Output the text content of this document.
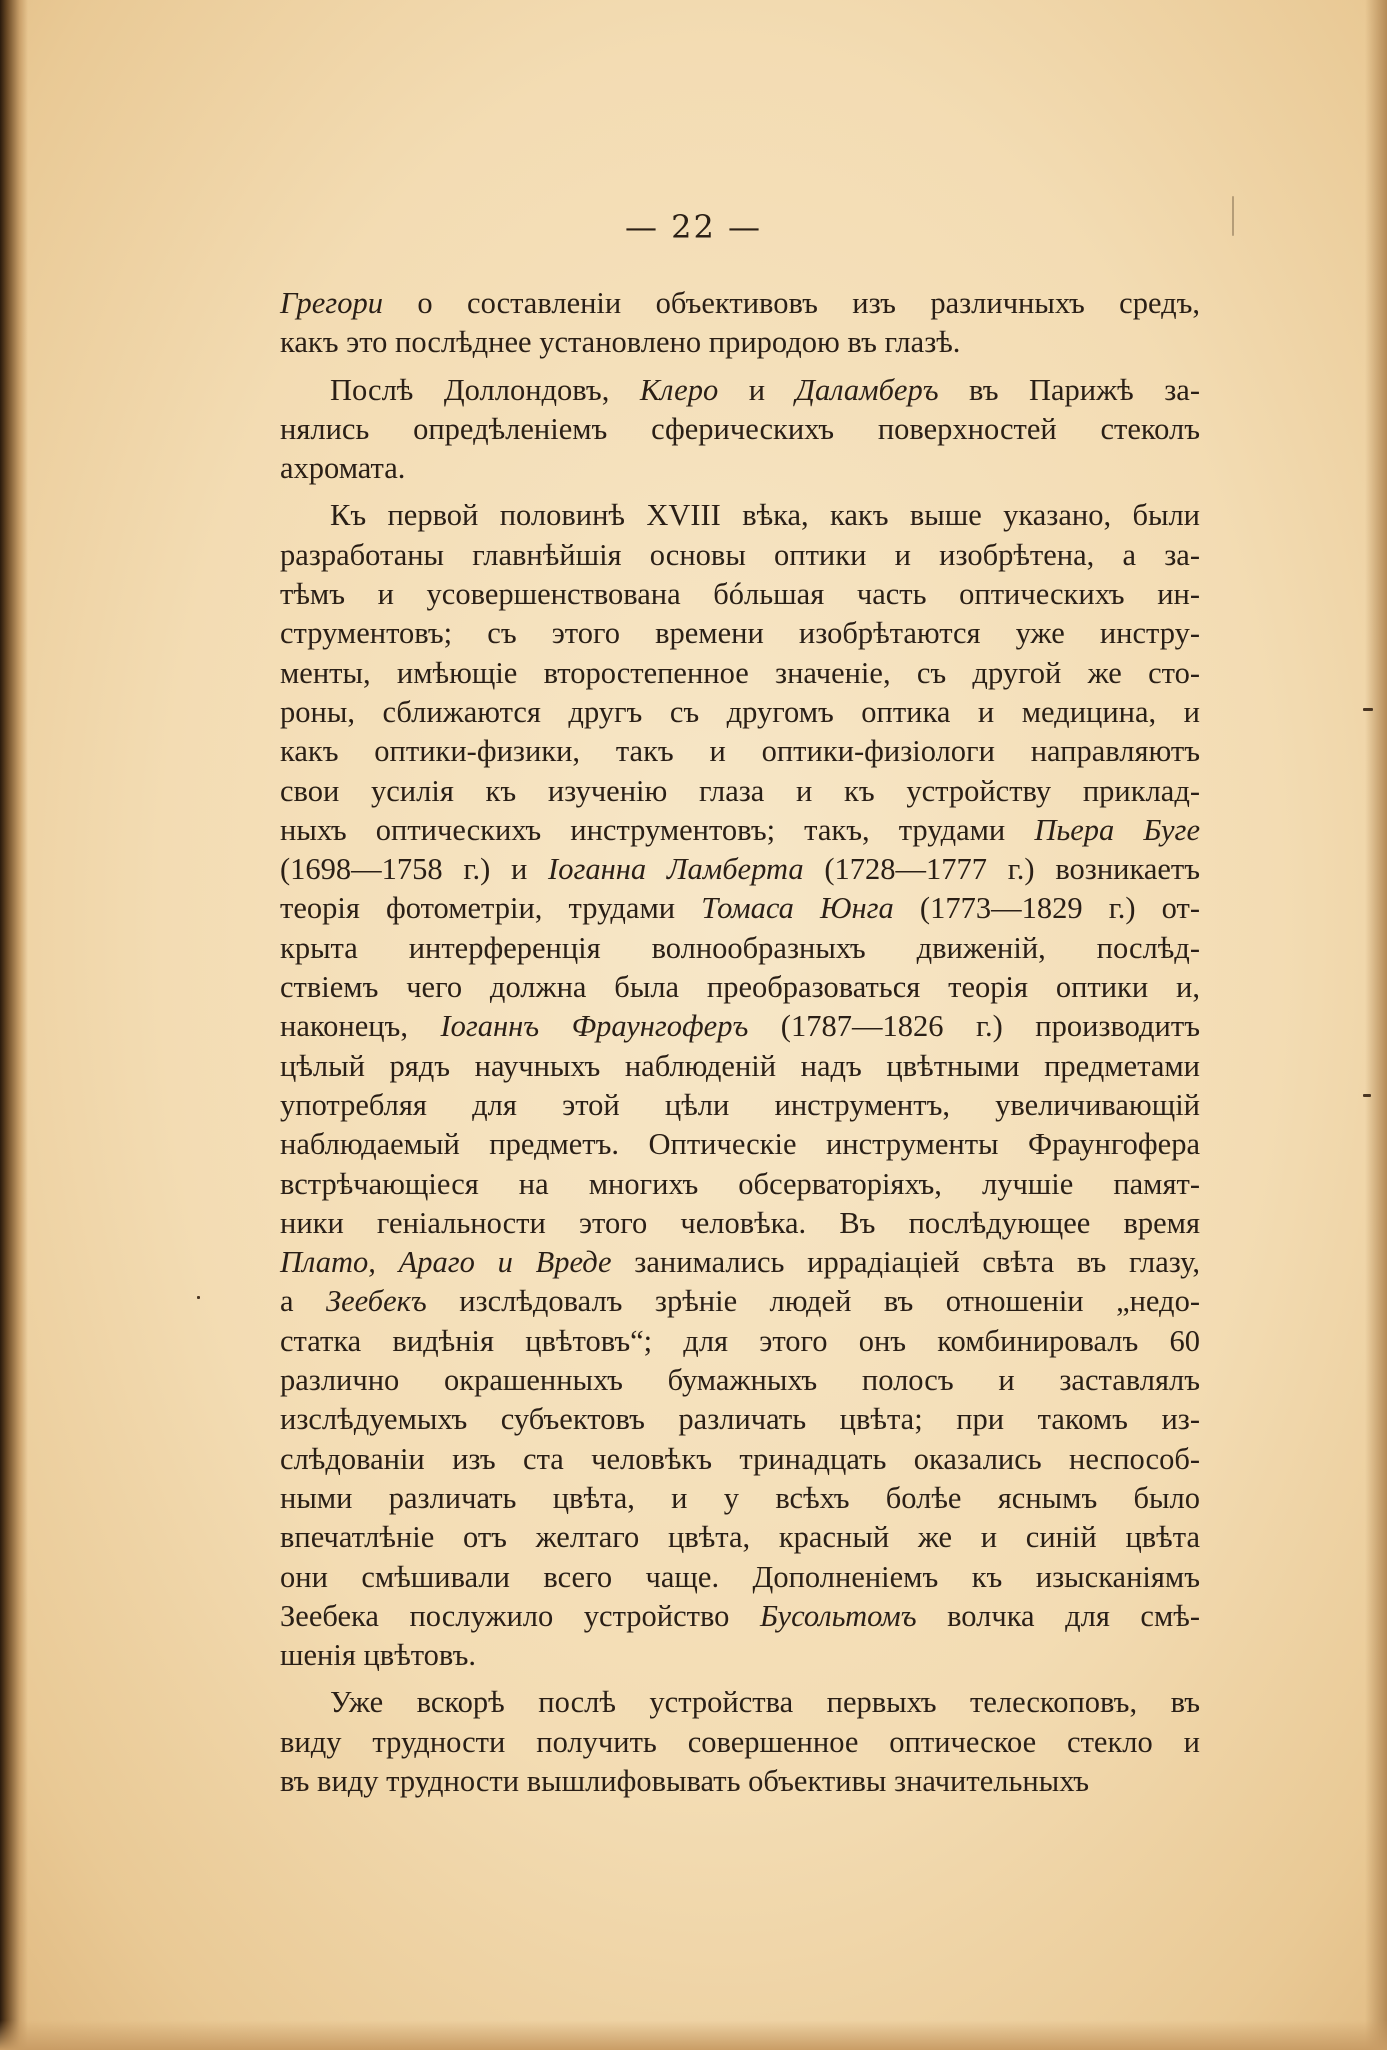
— 22 —

Грегори о составленіи объективовъ изъ различныхъ средъ,
какъ это послѣднее установлено природою въ глазѣ.

Послѣ Доллондовъ, Клеро и Даламберъ въ Парижѣ за-
нялись опредѣленіемъ сферическихъ поверхностей стеколъ
ахромата.

Къ первой половинѣ XVIII вѣка, какъ выше указано, были
разработаны главнѣйшія основы оптики и изобрѣтена, а за-
тѣмъ и усовершенствована бóльшая часть оптическихъ ин-
струментовъ; съ этого времени изобрѣтаются уже инстру-
менты, имѣющіе второстепенное значеніе, съ другой же сто-
роны, сближаются другъ съ другомъ оптика и медицина, и
какъ оптики-физики, такъ и оптики-физіологи направляютъ
свои усилія къ изученію глаза и къ устройству приклад-
ныхъ оптическихъ инструментовъ; такъ, трудами Пьера Буге
(1698—1758 г.) и Іоганна Ламберта (1728—1777 г.) возникаетъ
теорія фотометріи, трудами Томаса Юнга (1773—1829 г.) от-
крыта интерференція волнообразныхъ движеній, послѣд-
ствіемъ чего должна была преобразоваться теорія оптики и,
наконецъ, Іоганнъ Фраунгоферъ (1787—1826 г.) производитъ
цѣлый рядъ научныхъ наблюденій надъ цвѣтными предметами
употребляя для этой цѣли инструментъ, увеличивающій
наблюдаемый предметъ. Оптическіе инструменты Фраунгофера
встрѣчающіеся на многихъ обсерваторіяхъ, лучшіе памят-
ники геніальности этого человѣка. Въ послѣдующее время
Плато, Араго и Вреде занимались иррадіаціей свѣта въ глазу,
а Зеебекъ изслѣдовалъ зрѣніе людей въ отношеніи „недо-
статка видѣнія цвѣтовъ“; для этого онъ комбинировалъ 60
различно окрашенныхъ бумажныхъ полосъ и заставлялъ
изслѣдуемыхъ субъектовъ различать цвѣта; при такомъ из-
слѣдованіи изъ ста человѣкъ тринадцать оказались неспособ-
ными различать цвѣта, и у всѣхъ болѣе яснымъ было
впечатлѣніе отъ желтаго цвѣта, красный же и синій цвѣта
они смѣшивали всего чаще. Дополненіемъ къ изысканіямъ
Зеебека послужило устройство Бусольтомъ волчка для смѣ-
шенія цвѣтовъ.

Уже вскорѣ послѣ устройства первыхъ телескоповъ, въ
виду трудности получить совершенное оптическое стекло и
въ виду трудности вышлифовывать объективы значительныхъ
